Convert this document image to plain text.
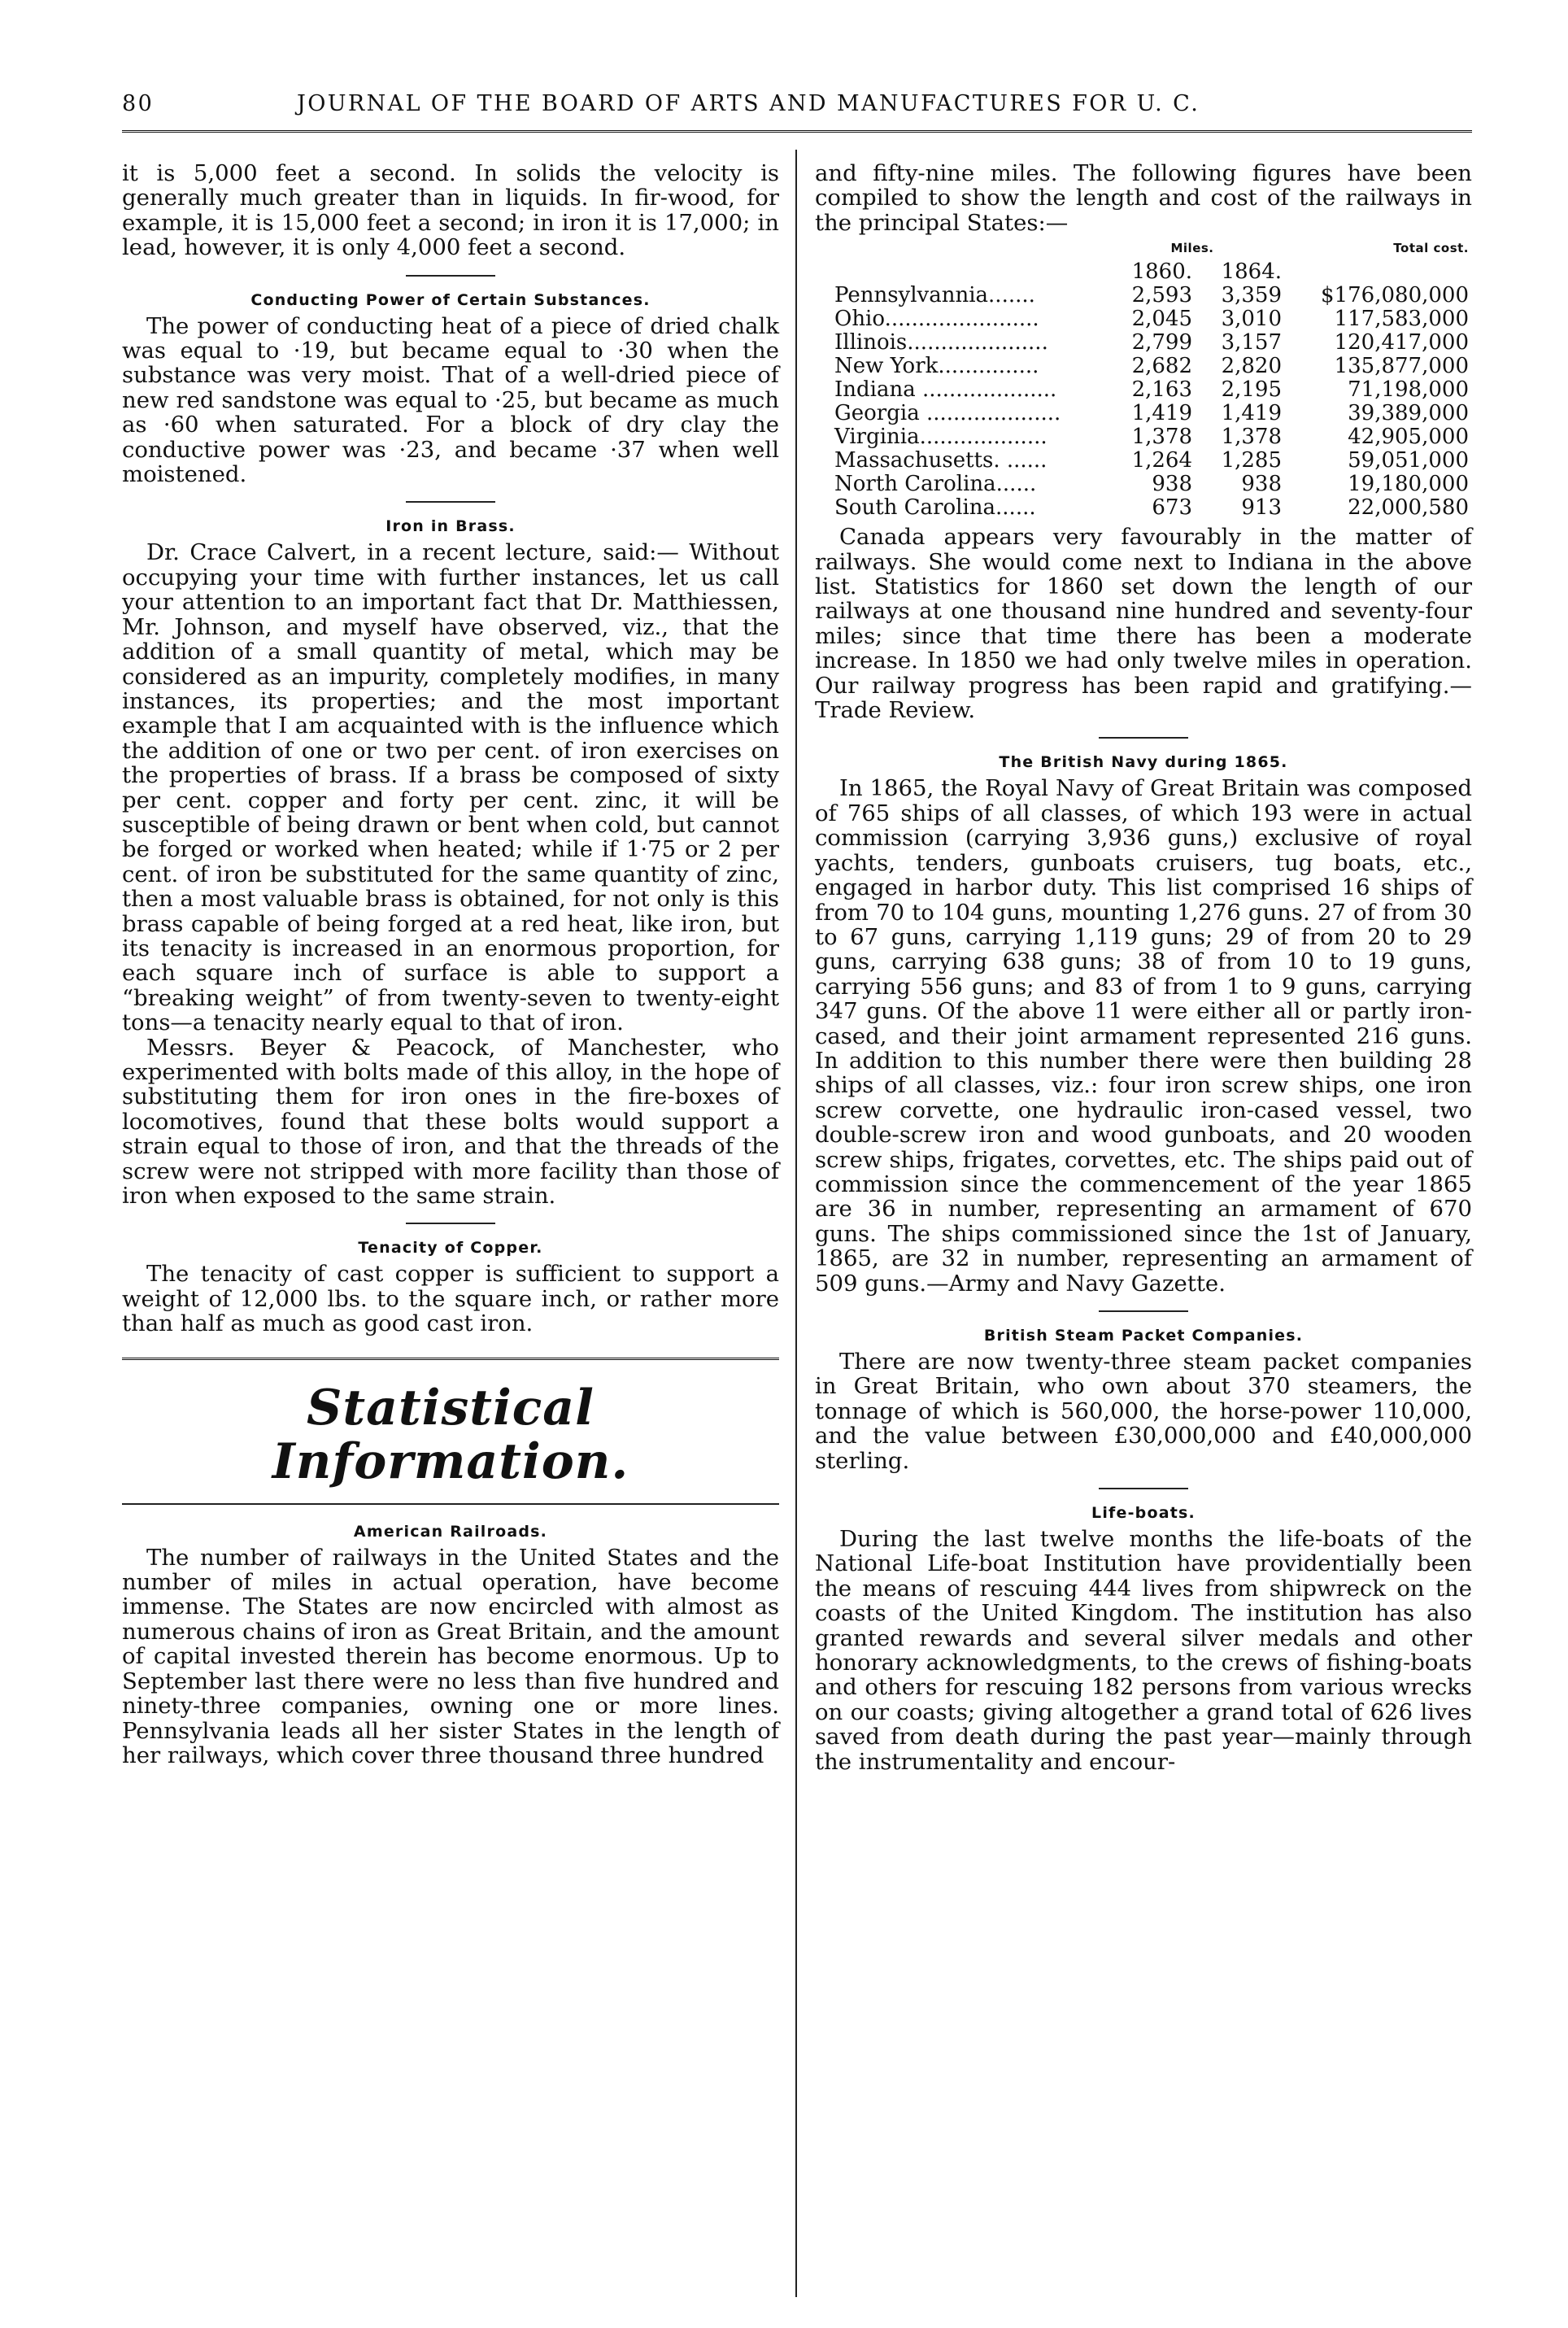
80	JOURNAL OF THE BOARD OF ARTS AND MANUFACTURES FOR U. C.

it is 5,000 feet a second. In solids the velocity is generally much greater than in liquids. In fir-wood, for example, it is 15,000 feet a second; in iron it is 17,000; in lead, however, it is only 4,000 feet a second.

Conducting Power of Certain Substances.

The power of conducting heat of a piece of dried chalk was equal to ·19, but became equal to ·30 when the substance was very moist. That of a well-dried piece of new red sandstone was equal to ·25, but became as much as ·60 when saturated. For a block of dry clay the conductive power was ·23, and became ·37 when well moistened.

Iron in Brass.

Dr. Crace Calvert, in a recent lecture, said:— Without occupying your time with further instances, let us call your attention to an important fact that Dr. Matthiessen, Mr. Johnson, and myself have observed, viz., that the addition of a small quantity of metal, which may be considered as an impurity, completely modifies, in many instances, its properties; and the most important example that I am acquainted with is the influence which the addition of one or two per cent. of iron exercises on the properties of brass. If a brass be composed of sixty per cent. copper and forty per cent. zinc, it will be susceptible of being drawn or bent when cold, but cannot be forged or worked when heated; while if 1·75 or 2 per cent. of iron be substituted for the same quantity of zinc, then a most valuable brass is obtained, for not only is this brass capable of being forged at a red heat, like iron, but its tenacity is increased in an enormous proportion, for each square inch of surface is able to support a “breaking weight” of from twenty-seven to twenty-eight tons—a tenacity nearly equal to that of iron.

Messrs. Beyer & Peacock, of Manchester, who experimented with bolts made of this alloy, in the hope of substituting them for iron ones in the fire-boxes of locomotives, found that these bolts would support a strain equal to those of iron, and that the threads of the screw were not stripped with more facility than those of iron when exposed to the same strain.

Tenacity of Copper.

The tenacity of cast copper is sufficient to support a weight of 12,000 lbs. to the square inch, or rather more than half as much as good cast iron.

Statistical Information.
American Railroads.

The number of railways in the United States and the number of miles in actual operation, have become immense. The States are now encircled with almost as numerous chains of iron as Great Britain, and the amount of capital invested therein has become enormous. Up to September last there were no less than five hundred and ninety-three companies, owning one or more lines. Pennsylvania leads all her sister States in the length of her railways, which cover three thousand three hundred

and fifty-nine miles. The following figures have been compiled to show the length and cost of the railways in the principal States:—

	Miles.		Total cost.
	1860.	1864.	
Pennsylvannia.......	2,593	3,359	$176,080,000
Ohio.......................	2,045	3,010	117,583,000
Illinois.....................	2,799	3,157	120,417,000
New York...............	2,682	2,820	135,877,000
Indiana ....................	2,163	2,195	71,198,000
Georgia ....................	1,419	1,419	39,389,000
Virginia...................	1,378	1,378	42,905,000
Massachusetts. ......	1,264	1,285	59,051,000
North Carolina......	938	938	19,180,000
South Carolina......	673	913	22,000,580

Canada appears very favourably in the matter of railways. She would come next to Indiana in the above list. Statistics for 1860 set down the length of our railways at one thousand nine hundred and seventy-four miles; since that time there has been a moderate increase. In 1850 we had only twelve miles in operation. Our railway progress has been rapid and gratifying.—Trade Review.

The British Navy during 1865.

In 1865, the Royal Navy of Great Britain was composed of 765 ships of all classes, of which 193 were in actual commission (carrying 3,936 guns,) exclusive of royal yachts, tenders, gunboats cruisers, tug boats, etc., engaged in harbor duty. This list comprised 16 ships of from 70 to 104 guns, mounting 1,276 guns. 27 of from 30 to 67 guns, carrying 1,119 guns; 29 of from 20 to 29 guns, carrying 638 guns; 38 of from 10 to 19 guns, carrying 556 guns; and 83 of from 1 to 9 guns, carrying 347 guns. Of the above 11 were either all or partly iron-cased, and their joint armament represented 216 guns. In addition to this number there were then building 28 ships of all classes, viz.: four iron screw ships, one iron screw corvette, one hydraulic iron-cased vessel, two double-screw iron and wood gunboats, and 20 wooden screw ships, frigates, corvettes, etc. The ships paid out of commission since the commencement of the year 1865 are 36 in number, representing an armament of 670 guns. The ships commissioned since the 1st of January, 1865, are 32 in number, representing an armament of 509 guns.—Army and Navy Gazette.

British Steam Packet Companies.

There are now twenty-three steam packet companies in Great Britain, who own about 370 steamers, the tonnage of which is 560,000, the horse-power 110,000, and the value between £30,000,000 and £40,000,000 sterling.

Life-boats.

During the last twelve months the life-boats of the National Life-boat Institution have providentially been the means of rescuing 444 lives from shipwreck on the coasts of the United Kingdom. The institution has also granted rewards and several silver medals and other honorary acknowledgments, to the crews of fishing-boats and others for rescuing 182 persons from various wrecks on our coasts; giving altogether a grand total of 626 lives saved from death during the past year—mainly through the instrumentality and encour-
